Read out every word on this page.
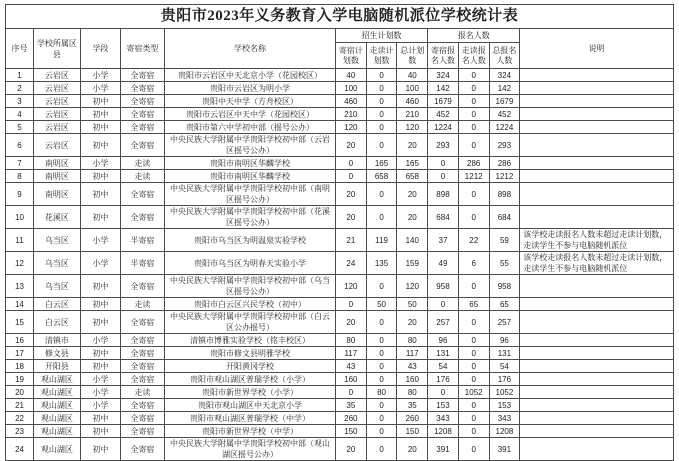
贵阳市2023年义务教育入学电脑随机派位学校统计表											
序号	学校所属区县	学段	寄宿类型	学校名称	招生计划数			报名人数			说明
					寄宿计划数	走读计划数	总计划数	寄宿报名人数	走读报名人数	总报名人数	
1	云岩区	小学	全寄宿	贵阳市云岩区中天北京小学（花园校区）	40	0	40	324	0	324	
2	云岩区	小学	全寄宿	贵阳市云岩区为明小学	100	0	100	142	0	142	
3	云岩区	初中	全寄宿	贵阳中天中学（方舟校区）	460	0	460	1679	0	1679	
4	云岩区	初中	全寄宿	贵阳市云岩区中天中学（花园校区）	210	0	210	452	0	452	
5	云岩区	初中	全寄宿	贵阳市第六中学初中部（摇号公办）	120	0	120	1224	0	1224	
6	云岩区	初中	全寄宿	中央民族大学附属中学贵阳学校初中部（云岩区摇号公办）	20	0	20	293	0	293	
7	南明区	小学	走读	贵阳市南明区华麟学校	0	165	165	0	286	286	
8	南明区	初中	走读	贵阳市南明区华麟学校	0	658	658	0	1212	1212	
9	南明区	初中	全寄宿	中央民族大学附属中学贵阳学校初中部（南明区摇号公办）	20	0	20	898	0	898	
10	花溪区	初中	全寄宿	中央民族大学附属中学贵阳学校初中部（花溪区摇号公办）	20	0	20	684	0	684	
11	乌当区	小学	半寄宿	贵阳市乌当区为明温泉实验学校	21	119	140	37	22	59	该学校走读报名人数未超过走读计划数，走读学生不参与电脑随机派位
12	乌当区	小学	半寄宿	贵阳市乌当区为明春天实验小学	24	135	159	49	6	55	该学校走读报名人数未超过走读计划数，走读学生不参与电脑随机派位
13	乌当区	初中	全寄宿	中央民族大学附属中学贵阳学校初中部（乌当区摇号公办）	120	0	120	958	0	958	
14	白云区	初中	走读	贵阳市白云区兴民学校（初中）	0	50	50	0	65	65	
15	白云区	初中	全寄宿	中央民族大学附属中学贵阳学校初中部（白云区公办摇号）	20	0	20	257	0	257	
16	清镇市	小学	全寄宿	清镇市博雅实验学校（铭丰校区）	80	0	80	96	0	96	
17	修文县	初中	全寄宿	贵阳市修文县明雅学校	117	0	117	131	0	131	
18	开阳县	初中	全寄宿	开阳黄冈学校	43	0	43	54	0	54	
19	观山湖区	小学	全寄宿	贵阳市观山湖区普瑞学校（小学）	160	0	160	176	0	176	
20	观山湖区	小学	走读	贵阳市新世界学校（小学）	0	80	80	0	1052	1052	
21	观山湖区	小学	全寄宿	贵阳市观山湖区中天北京小学	35	0	35	153	0	153	
22	观山湖区	初中	全寄宿	贵阳市观山湖区普瑞学校（中学）	260	0	260	343	0	343	
23	观山湖区	初中	全寄宿	贵阳市新世界学校（中学）	150	0	150	1208	0	1208	
24	观山湖区	初中	全寄宿	中央民族大学附属中学贵阳学校初中部（观山湖区摇号公办）	20	0	20	391	0	391	
